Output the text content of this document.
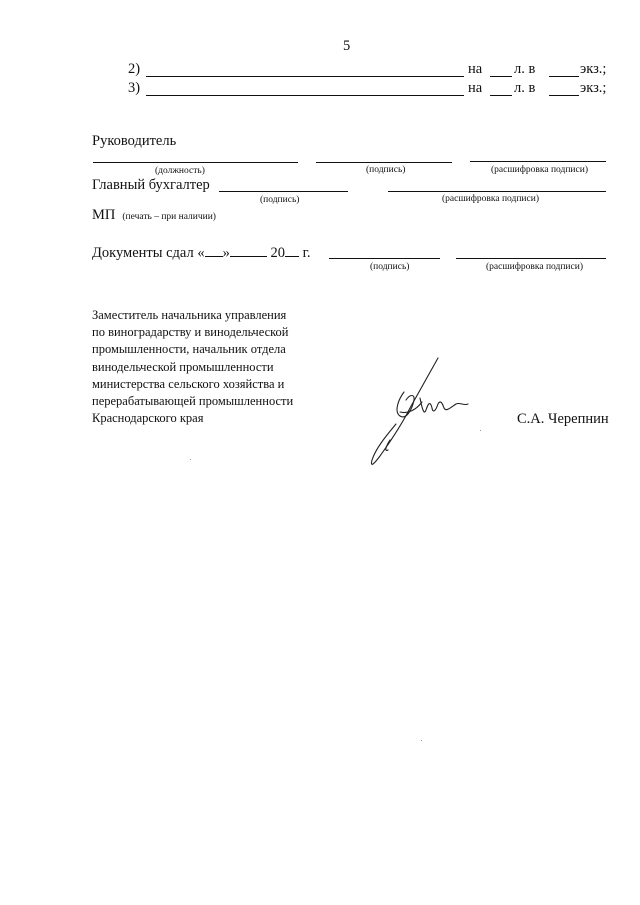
5
2)	на л. в	экз.;
3)	на л. в	экз.;
Руководитель
(должность)	(подпись)	(расшифровка подписи)
Главный бухгалтер
(подпись)	(расшифровка подписи)
МП (печать – при наличии)
Документы сдал « »	20 г.
(подпись)	(расшифровка подписи)
Заместитель начальника управления
по виноградарству и винодельческой
промышленности, начальник отдела
винодельческой промышленности
министерства сельского хозяйства и
перерабатывающей промышленности
Краснодарского края	С.А. Черепнин
